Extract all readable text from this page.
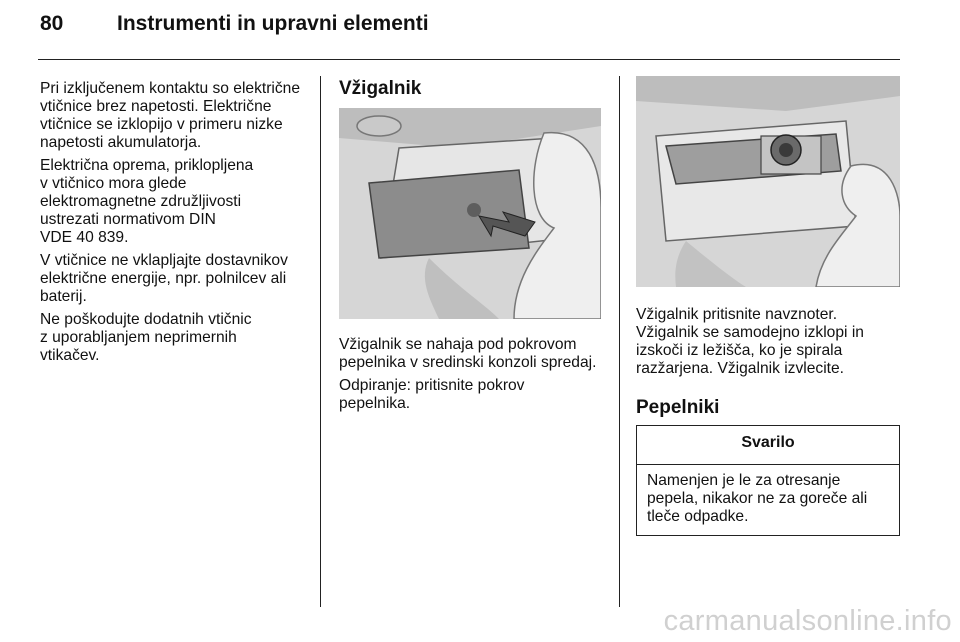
80	Instrumenti in upravni elementi

Pri izključenem kontaktu so električne
vtičnice brez napetosti. Električne
vtičnice se izklopijo v primeru nizke
napetosti akumulatorja.

Električna oprema, priklopljena
v vtičnico mora glede
elektromagnetne združljivosti
ustrezati normativom DIN
VDE 40 839.

V vtičnice ne vklapljajte dostavnikov
električne energije, npr. polnilcev ali
baterij.

Ne poškodujte dodatnih vtičnic
z uporabljanjem neprimernih
vtikačev.

Vžigalnik

Vžigalnik se nahaja pod pokrovom
pepelnika v sredinski konzoli spredaj.

Odpiranje: pritisnite pokrov
pepelnika.

Vžigalnik pritisnite navznoter.
Vžigalnik se samodejno izklopi in
izskoči iz ležišča, ko je spirala
razžarjena. Vžigalnik izvlecite.

Pepelniki
Svarilo
Namenjen je le za otresanje
pepela, nikakor ne za goreče ali
tleče odpadke.
carmanualsonline.info
